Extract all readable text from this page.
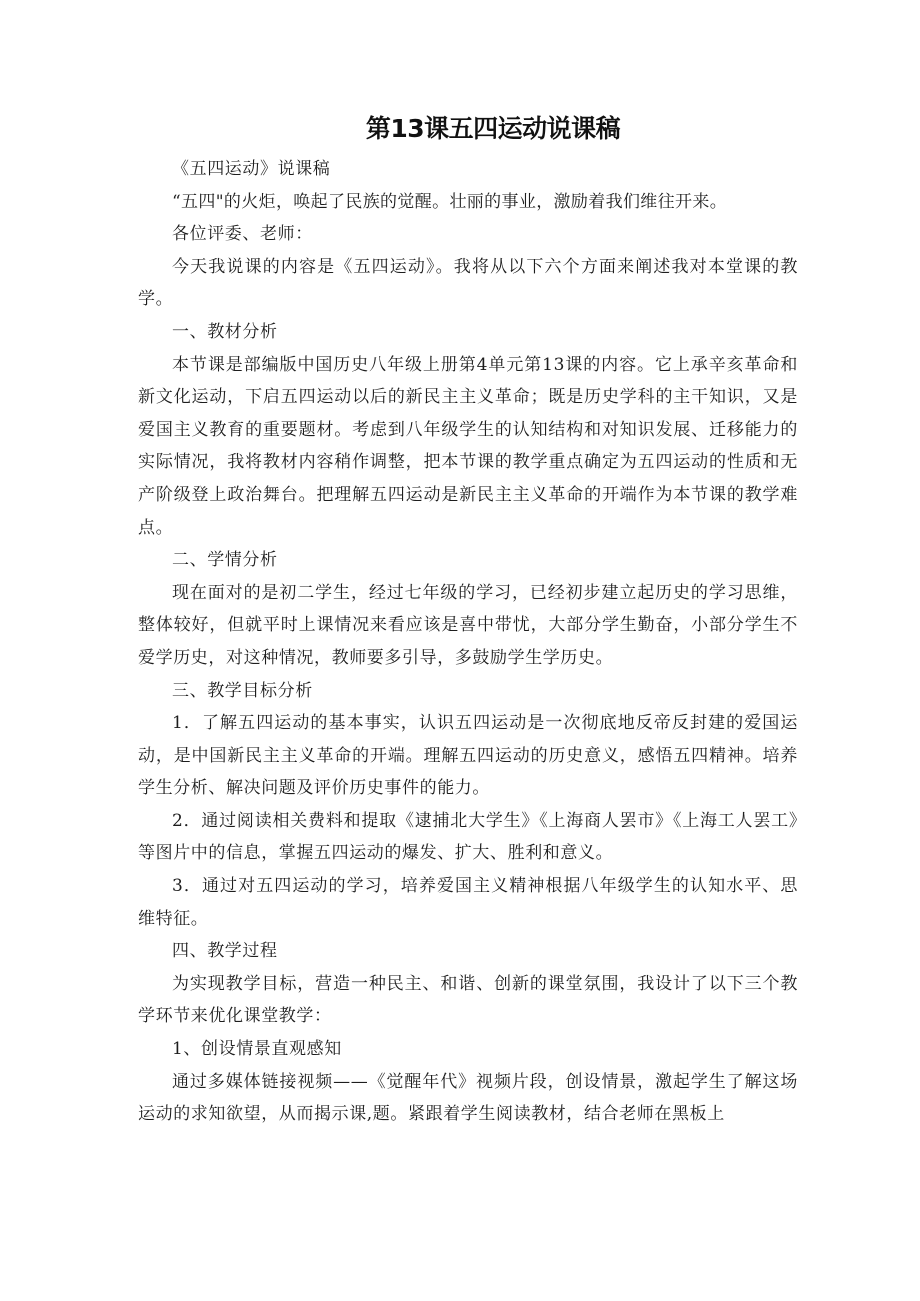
第13课五四运动说课稿

《五四运动》说课稿

“五四"的火炬，唤起了民族的觉醒。壮丽的事业，激励着我们维往开来。

各位评委、老师：

今天我说课的内容是《五四运动》。我将从以下六个方面来阐述我对本堂课的教学。

一、教材分析

本节课是部编版中国历史八年级上册第4单元第13课的内容。它上承辛亥革命和新文化运动，下启五四运动以后的新民主主义革命；既是历史学科的主干知识，又是爱国主义教育的重要题材。考虑到八年级学生的认知结构和对知识发展、迁移能力的实际情况，我将教材内容稍作调整，把本节课的教学重点确定为五四运动的性质和无产阶级登上政治舞台。把理解五四运动是新民主主义革命的开端作为本节课的教学难点。

二、学情分析

现在面对的是初二学生，经过七年级的学习，已经初步建立起历史的学习思维，整体较好，但就平时上课情况来看应该是喜中带忧，大部分学生勤奋，小部分学生不爱学历史，对这种情况，教师要多引导，多鼓励学生学历史。

三、教学目标分析

1．了解五四运动的基本事实，认识五四运动是一次彻底地反帝反封建的爱国运动，是中国新民主主义革命的开端。理解五四运动的历史意义，感悟五四精神。培养学生分析、解决问题及评价历史事件的能力。

2．通过阅读相关费料和提取《逮捕北大学生》《上海商人罢市》《上海工人罢工》等图片中的信息，掌握五四运动的爆发、扩大、胜利和意义。

3．通过对五四运动的学习，培养爱国主义精神根据八年级学生的认知水平、思维特征。

四、教学过程

为实现教学目标，营造一种民主、和谐、创新的课堂氛围，我设计了以下三个教学环节来优化课堂教学：

1、创设情景直观感知

通过多媒体链接视频——《觉醒年代》视频片段，创设情景，激起学生了解这场运动的求知欲望，从而揭示课,题。紧跟着学生阅读教材，结合老师在黑板上
